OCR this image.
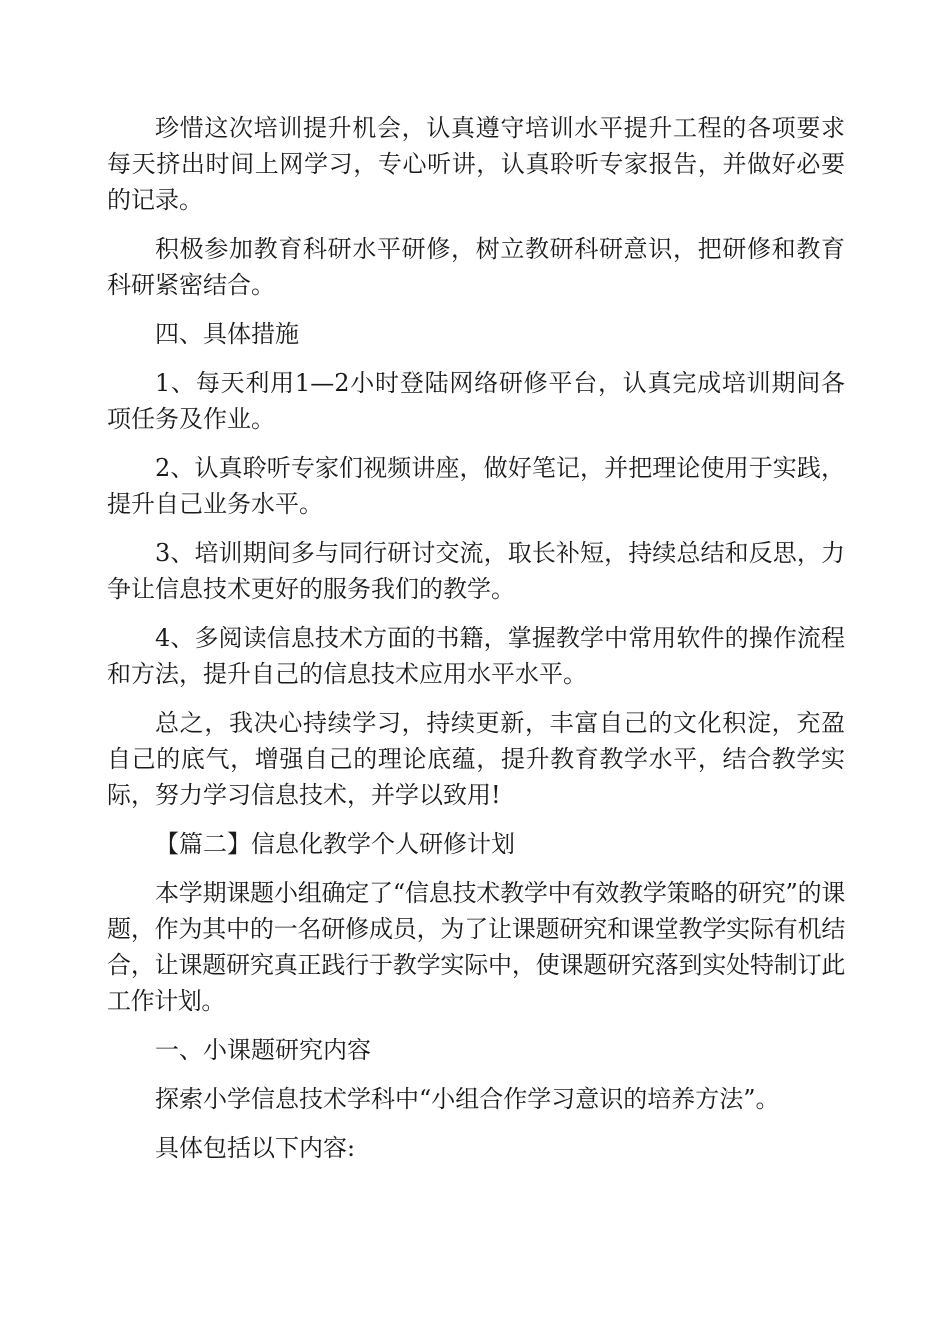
珍惜这次培训提升机会，认真遵守培训水平提升工程的各项要求每天挤出时间上网学习，专心听讲，认真聆听专家报告，并做好必要的记录。

积极参加教育科研水平研修，树立教研科研意识，把研修和教育科研紧密结合。

四、具体措施

1、每天利用1—2小时登陆网络研修平台，认真完成培训期间各项任务及作业。

2、认真聆听专家们视频讲座，做好笔记，并把理论使用于实践，提升自己业务水平。

3、培训期间多与同行研讨交流，取长补短，持续总结和反思，力争让信息技术更好的服务我们的教学。

4、多阅读信息技术方面的书籍，掌握教学中常用软件的操作流程和方法，提升自己的信息技术应用水平水平。

总之，我决心持续学习，持续更新，丰富自己的文化积淀，充盈自己的底气，增强自己的理论底蕴，提升教育教学水平，结合教学实际，努力学习信息技术，并学以致用!

【篇二】信息化教学个人研修计划

本学期课题小组确定了“信息技术教学中有效教学策略的研究”的课题，作为其中的一名研修成员，为了让课题研究和课堂教学实际有机结合，让课题研究真正践行于教学实际中，使课题研究落到实处特制订此工作计划。

一、小课题研究内容

探索小学信息技术学科中“小组合作学习意识的培养方法”。

具体包括以下内容:
